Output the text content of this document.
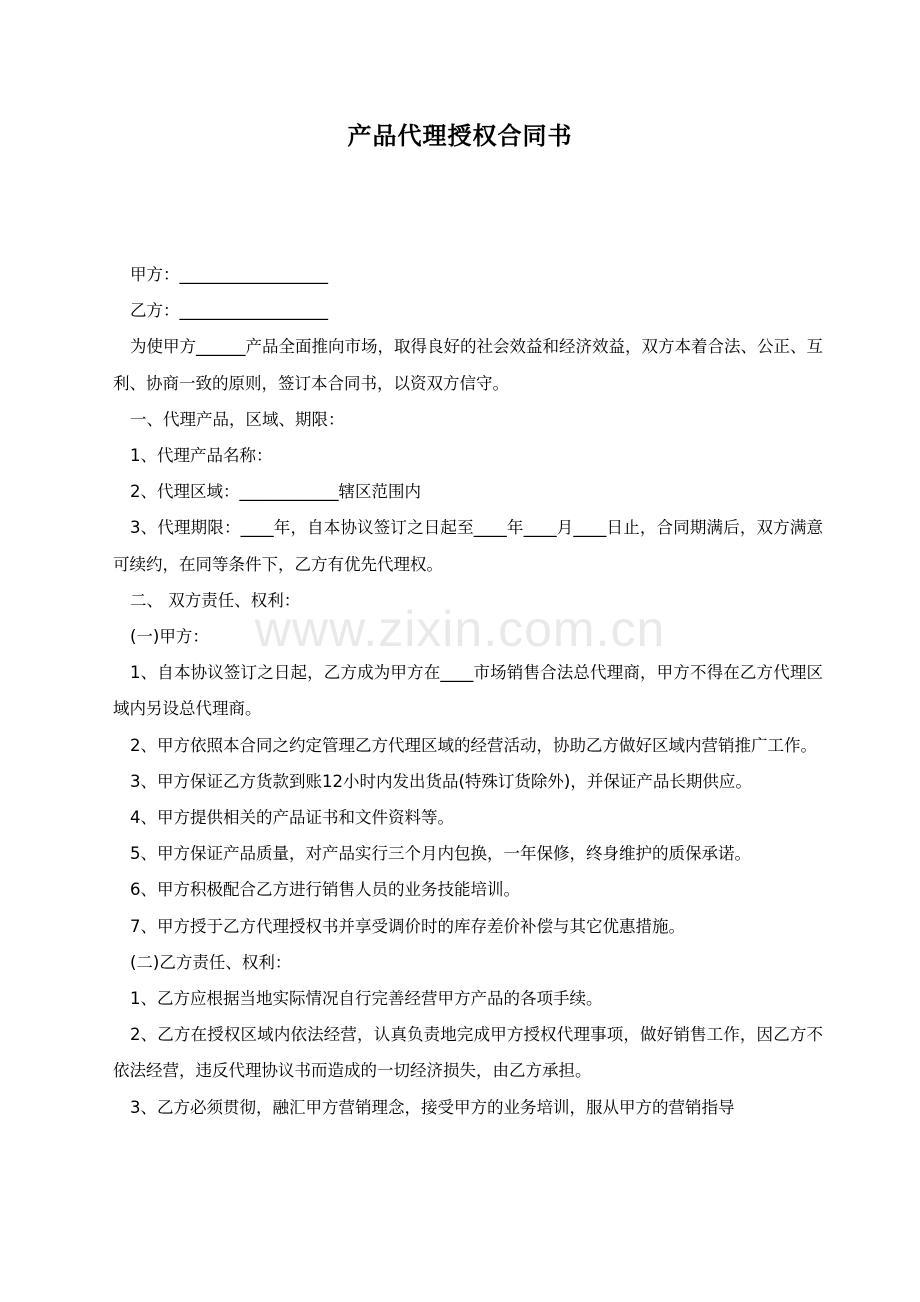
产品代理授权合同书
www.zixin.com.cn

甲方：__________________

乙方：__________________

为使甲方______产品全面推向市场，取得良好的社会效益和经济效益，双方本着合法、公正、互利、协商一致的原则，签订本合同书，以资双方信守。

一、代理产品，区域、期限：

1、代理产品名称：

2、代理区域：____________辖区范围内

3、代理期限：____年，自本协议签订之日起至____年____月____日止，合同期满后，双方满意可续约，在同等条件下，乙方有优先代理权。

二、 双方责任、权利：

(一)甲方：

1、自本协议签订之日起，乙方成为甲方在____市场销售合法总代理商，甲方不得在乙方代理区域内另设总代理商。

2、甲方依照本合同之约定管理乙方代理区域的经营活动，协助乙方做好区域内营销推广工作。

3、甲方保证乙方货款到账12小时内发出货品(特殊订货除外)，并保证产品长期供应。

4、甲方提供相关的产品证书和文件资料等。

5、甲方保证产品质量，对产品实行三个月内包换，一年保修，终身维护的质保承诺。

6、甲方积极配合乙方进行销售人员的业务技能培训。

7、甲方授于乙方代理授权书并享受调价时的库存差价补偿与其它优惠措施。

(二)乙方责任、权利：

1、乙方应根据当地实际情况自行完善经营甲方产品的各项手续。

2、乙方在授权区域内依法经营，认真负责地完成甲方授权代理事项，做好销售工作，因乙方不依法经营，违反代理协议书而造成的一切经济损失，由乙方承担。

3、乙方必须贯彻，融汇甲方营销理念，接受甲方的业务培训，服从甲方的营销指导
